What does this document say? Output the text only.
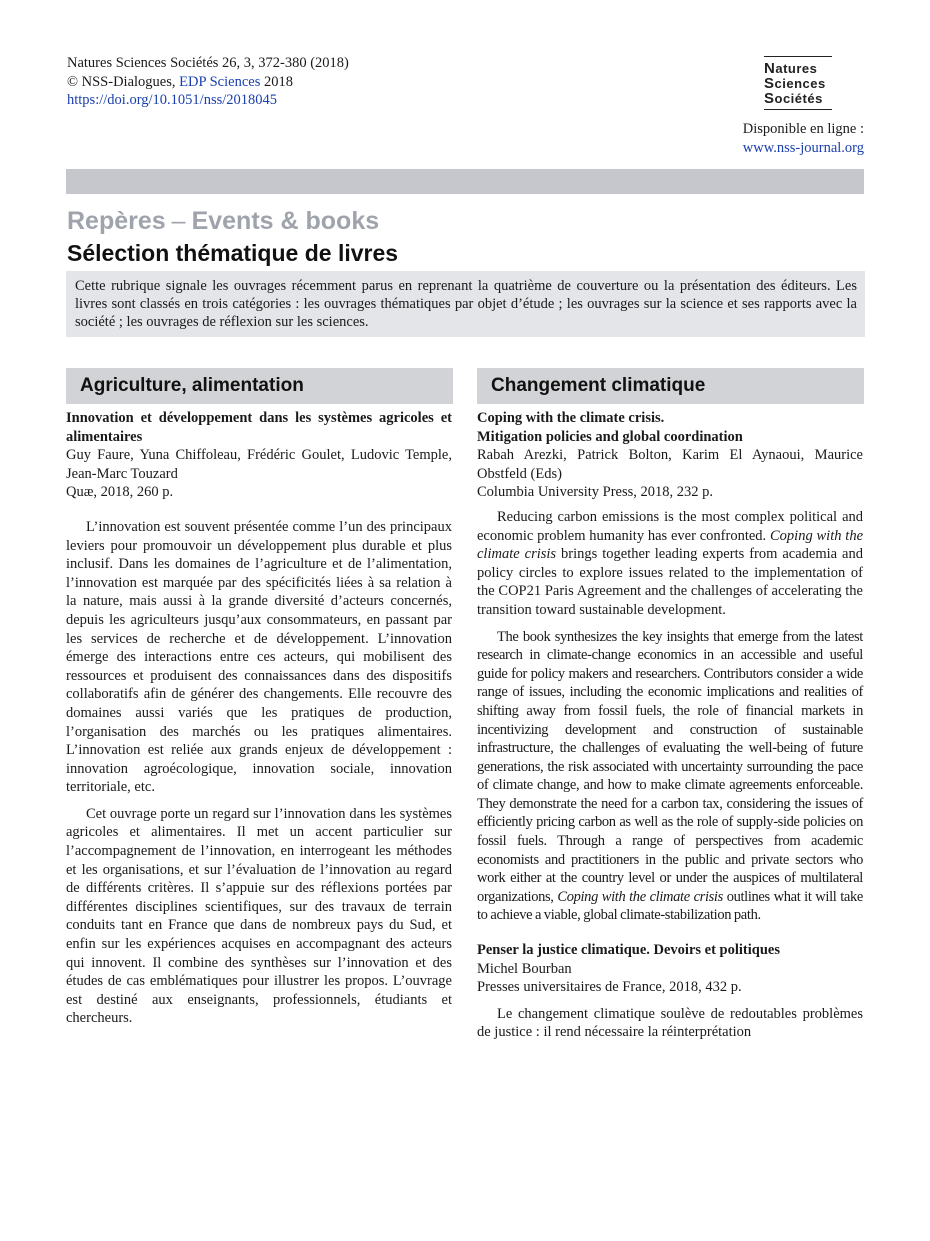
Natures Sciences Sociétés 26, 3, 372-380 (2018)
© NSS-Dialogues, EDP Sciences 2018
https://doi.org/10.1051/nss/2018045
Natures
Sciences
Sociétés
Disponible en ligne :
www.nss-journal.org
Repères – Events & books
Sélection thématique de livres
Cette rubrique signale les ouvrages récemment parus en reprenant la quatrième de couverture ou la présentation des éditeurs. Les livres sont classés en trois catégories : les ouvrages thématiques par objet d’étude ; les ouvrages sur la science et ses rapports avec la société ; les ouvrages de réflexion sur les sciences.
Agriculture, alimentation
Innovation et développement dans les systèmes agricoles et alimentaires
Guy Faure, Yuna Chiffoleau, Frédéric Goulet, Ludovic Temple, Jean-Marc Touzard
Quæ, 2018, 260 p.

L’innovation est souvent présentée comme l’un des principaux leviers pour promouvoir un développement plus durable et plus inclusif. Dans les domaines de l’agriculture et de l’alimentation, l’innovation est marquée par des spécificités liées à sa relation à la nature, mais aussi à la grande diversité d’acteurs concernés, depuis les agriculteurs jusqu’aux consommateurs, en passant par les services de recherche et de développement. L’innovation émerge des interactions entre ces acteurs, qui mobilisent des ressources et produisent des connaissances dans des dispositifs collaboratifs afin de générer des changements. Elle recouvre des domaines aussi variés que les pratiques de production, l’organisation des marchés ou les pratiques alimentaires. L’innovation est reliée aux grands enjeux de développement : innovation agroécologique, innovation sociale, innovation territoriale, etc.

Cet ouvrage porte un regard sur l’innovation dans les systèmes agricoles et alimentaires. Il met un accent particulier sur l’accompagnement de l’innovation, en interrogeant les méthodes et les organisations, et sur l’évaluation de l’innovation au regard de différents critères. Il s’appuie sur des réflexions portées par différentes disciplines scientifiques, sur des travaux de terrain conduits tant en France que dans de nombreux pays du Sud, et enfin sur les expériences acquises en accompagnant des acteurs qui innovent. Il combine des synthèses sur l’innovation et des études de cas emblématiques pour illustrer les propos. L’ouvrage est destiné aux enseignants, professionnels, étudiants et chercheurs.

Changement climatique
Coping with the climate crisis.
Mitigation policies and global coordination
Rabah Arezki, Patrick Bolton, Karim El Aynaoui, Maurice Obstfeld (Eds)
Columbia University Press, 2018, 232 p.

Reducing carbon emissions is the most complex political and economic problem humanity has ever confronted. Coping with the climate crisis brings together leading experts from academia and policy circles to explore issues related to the implementation of the COP21 Paris Agreement and the challenges of accelerating the transition toward sustainable development.

The book synthesizes the key insights that emerge from the latest research in climate-change economics in an accessible and useful guide for policy makers and researchers. Contributors consider a wide range of issues, including the economic implications and realities of shifting away from fossil fuels, the role of financial markets in incentivizing development and construction of sustainable infrastructure, the challenges of evaluating the well-being of future generations, the risk associated with uncertainty surrounding the pace of climate change, and how to make climate agreements enforceable. They demonstrate the need for a carbon tax, considering the issues of efficiently pricing carbon as well as the role of supply-side policies on fossil fuels. Through a range of perspectives from academic economists and practitioners in the public and private sectors who work either at the country level or under the auspices of multilateral organizations, Coping with the climate crisis outlines what it will take to achieve a viable, global climate-stabilization path.

Penser la justice climatique. Devoirs et politiques
Michel Bourban
Presses universitaires de France, 2018, 432 p.

Le changement climatique soulève de redoutables problèmes de justice : il rend nécessaire la réinterprétation
